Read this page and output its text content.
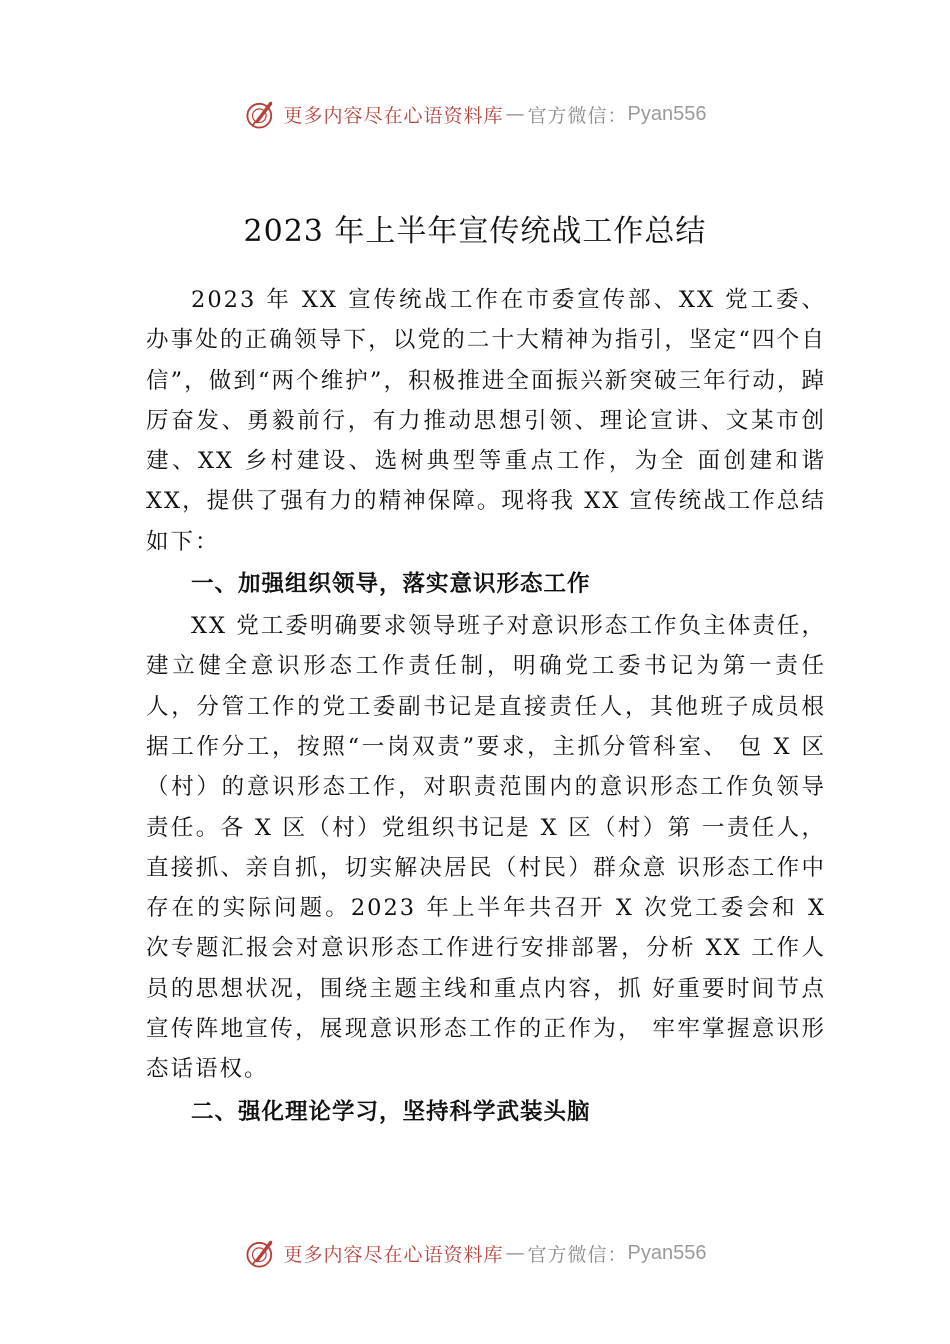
更多内容尽在心语资料库 — 官方微信： Pyan556
2023 年上半年宣传统战工作总结

2023 年 XX 宣传统战工作在市委宣传部、XX 党工委、办事处的正确领导下，以党的二十大精神为指引，坚定“四个自信”，做到“两个维护”，积极推进全面振兴新突破三年行动，踔厉奋发、勇毅前行，有力推动思想引领、理论宣讲、文某市创建、XX 乡村建设、选树典型等重点工作，为全 面创建和谐 XX，提供了强有力的精神保障。现将我 XX 宣传统战工作总结如下：

一、加强组织领导，落实意识形态工作

XX 党工委明确要求领导班子对意识形态工作负主体责任，建立健全意识形态工作责任制，明确党工委书记为第一责任人，分管工作的党工委副书记是直接责任人，其他班子成员根据工作分工，按照“一岗双责”要求，主抓分管科室、 包 X 区（村）的意识形态工作，对职责范围内的意识形态工作负领导责任。各 X 区（村）党组织书记是 X 区（村）第 一责任人，直接抓、亲自抓，切实解决居民（村民）群众意 识形态工作中存在的实际问题。2023 年上半年共召开 X 次党工委会和 X 次专题汇报会对意识形态工作进行安排部署，分析 XX 工作人员的思想状况，围绕主题主线和重点内容，抓 好重要时间节点宣传阵地宣传，展现意识形态工作的正作为， 牢牢掌握意识形态话语权。

二、强化理论学习，坚持科学武装头脑
更多内容尽在心语资料库 — 官方微信： Pyan556
